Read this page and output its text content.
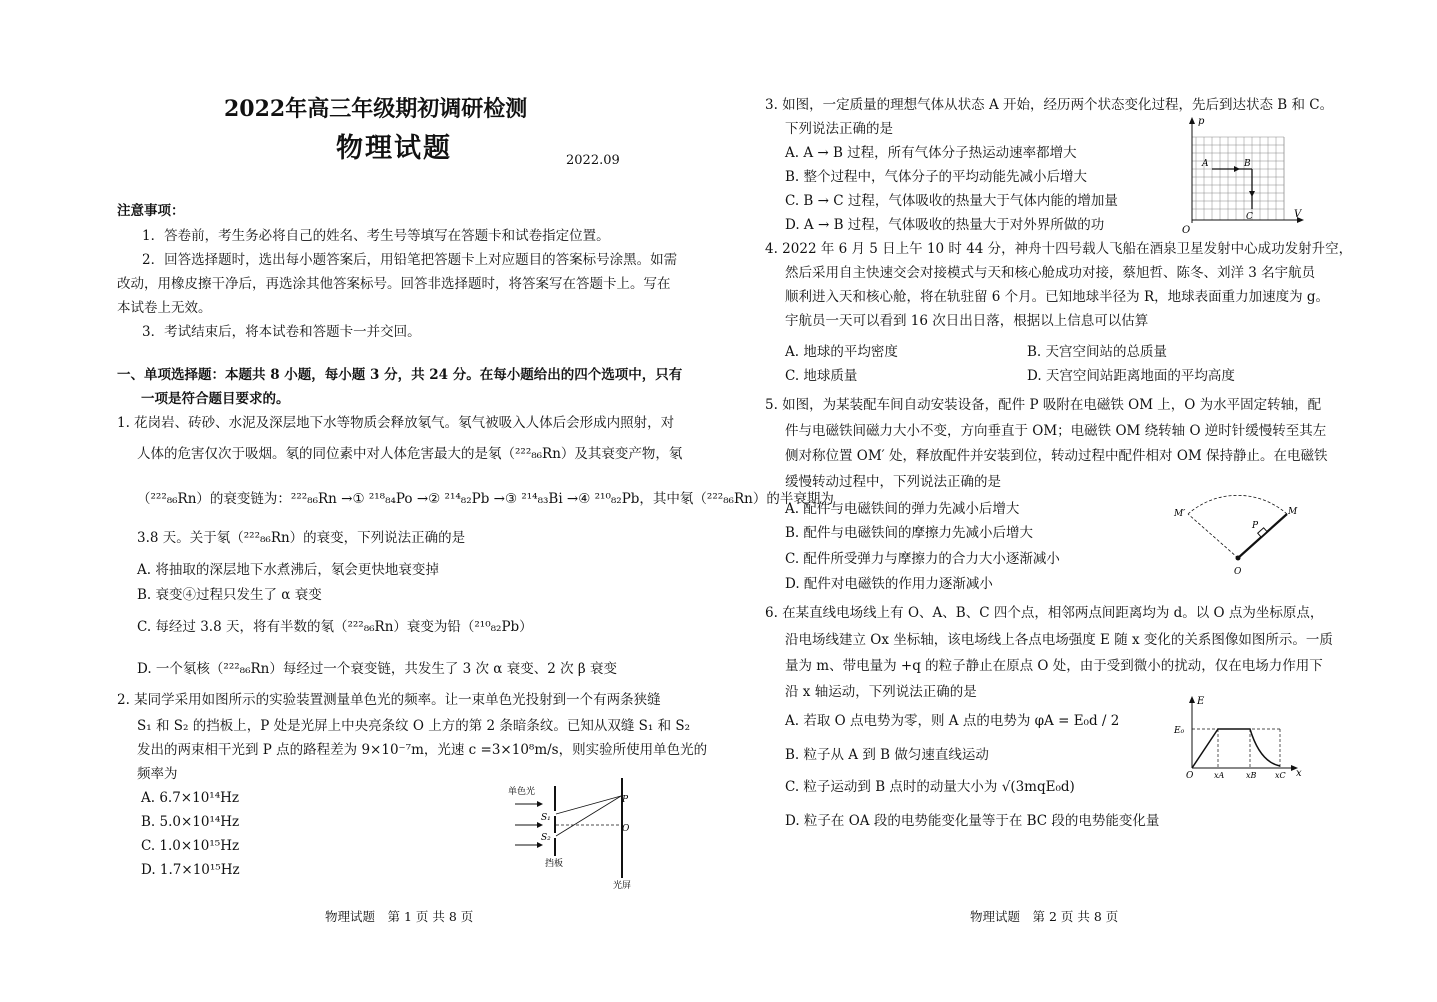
2022年高三年级期初调研检测
物理试题	2022.09
注意事项：
1．答卷前，考生务必将自己的姓名、考生号等填写在答题卡和试卷指定位置。
2．回答选择题时，选出每小题答案后，用铅笔把答题卡上对应题目的答案标号涂黑。如需
改动，用橡皮擦干净后，再选涂其他答案标号。回答非选择题时，将答案写在答题卡上。写在
本试卷上无效。
3．考试结束后，将本试卷和答题卡一并交回。
一、单项选择题：本题共 8 小题，每小题 3 分，共 24 分。在每小题给出的四个选项中，只有
一项是符合题目要求的。
1. 花岗岩、砖砂、水泥及深层地下水等物质会释放氡气。氡气被吸入人体后会形成内照射，对
人体的危害仅次于吸烟。氡的同位素中对人体危害最大的是氡（²²²₈₆Rn）及其衰变产物，氡
（²²²₈₆Rn）的衰变链为：²²²₈₆Rn →① ²¹⁸₈₄Po →② ²¹⁴₈₂Pb →③ ²¹⁴₈₃Bi →④ ²¹⁰₈₂Pb，其中氡（²²²₈₆Rn）的半衰期为
3.8 天。关于氡（²²²₈₆Rn）的衰变，下列说法正确的是
A. 将抽取的深层地下水煮沸后，氡会更快地衰变掉
B. 衰变④过程只发生了 α 衰变
C. 每经过 3.8 天，将有半数的氡（²²²₈₆Rn）衰变为铅（²¹⁰₈₂Pb）
D. 一个氡核（²²²₈₆Rn）每经过一个衰变链，共发生了 3 次 α 衰变、2 次 β 衰变
2. 某同学采用如图所示的实验装置测量单色光的频率。让一束单色光投射到一个有两条狭缝
S₁ 和 S₂ 的挡板上，P 处是光屏上中央亮条纹 O 上方的第 2 条暗条纹。已知从双缝 S₁ 和 S₂
发出的两束相干光到 P 点的路程差为 9×10⁻⁷m，光速 c =3×10⁸m/s，则实验所使用单色光的
频率为
A. 6.7×10¹⁴Hz
B. 5.0×10¹⁴Hz
C. 1.0×10¹⁵Hz
D. 1.7×10¹⁵Hz
单色光
S₁
S₂
P
O
挡板
光屏
物理试题　第 1 页 共 8 页
3. 如图，一定质量的理想气体从状态 A 开始，经历两个状态变化过程，先后到达状态 B 和 C。
下列说法正确的是
A. A → B 过程，所有气体分子热运动速率都增大
B. 整个过程中，气体分子的平均动能先减小后增大
C. B → C 过程，气体吸收的热量大于气体内能的增加量
D. A → B 过程，气体吸收的热量大于对外界所做的功
p
V
O
A	B
C
4. 2022 年 6 月 5 日上午 10 时 44 分，神舟十四号载人飞船在酒泉卫星发射中心成功发射升空，
然后采用自主快速交会对接模式与天和核心舱成功对接，蔡旭哲、陈冬、刘洋 3 名宇航员
顺利进入天和核心舱，将在轨驻留 6 个月。已知地球半径为 R，地球表面重力加速度为 g。
宇航员一天可以看到 16 次日出日落，根据以上信息可以估算
A. 地球的平均密度	B. 天宫空间站的总质量
C. 地球质量	D. 天宫空间站距离地面的平均高度
5. 如图，为某装配车间自动安装设备，配件 P 吸附在电磁铁 OM 上，O 为水平固定转轴，配
件与电磁铁间磁力大小不变，方向垂直于 OM；电磁铁 OM 绕转轴 O 逆时针缓慢转至其左
侧对称位置 OM′ 处，释放配件并安装到位，转动过程中配件相对 OM 保持静止。在电磁铁
缓慢转动过程中，下列说法正确的是
A. 配件与电磁铁间的弹力先减小后增大
B. 配件与电磁铁间的摩擦力先减小后增大
C. 配件所受弹力与摩擦力的合力大小逐渐减小
D. 配件对电磁铁的作用力逐渐减小
M′	M
P
O
6. 在某直线电场线上有 O、A、B、C 四个点，相邻两点间距离均为 d。以 O 点为坐标原点，
沿电场线建立 Ox 坐标轴，该电场线上各点电场强度 E 随 x 变化的关系图像如图所示。一质
量为 m、带电量为 +q 的粒子静止在原点 O 处，由于受到微小的扰动，仅在电场力作用下
沿 x 轴运动，下列说法正确的是
A. 若取 O 点电势为零，则 A 点的电势为 φA = E₀d / 2
B. 粒子从 A 到 B 做匀速直线运动
C. 粒子运动到 B 点时的动量大小为 √(3mqE₀d)
D. 粒子在 OA 段的电势能变化量等于在 BC 段的电势能变化量
E
x
E₀
O	xA	xB xC
物理试题　第 2 页 共 8 页
